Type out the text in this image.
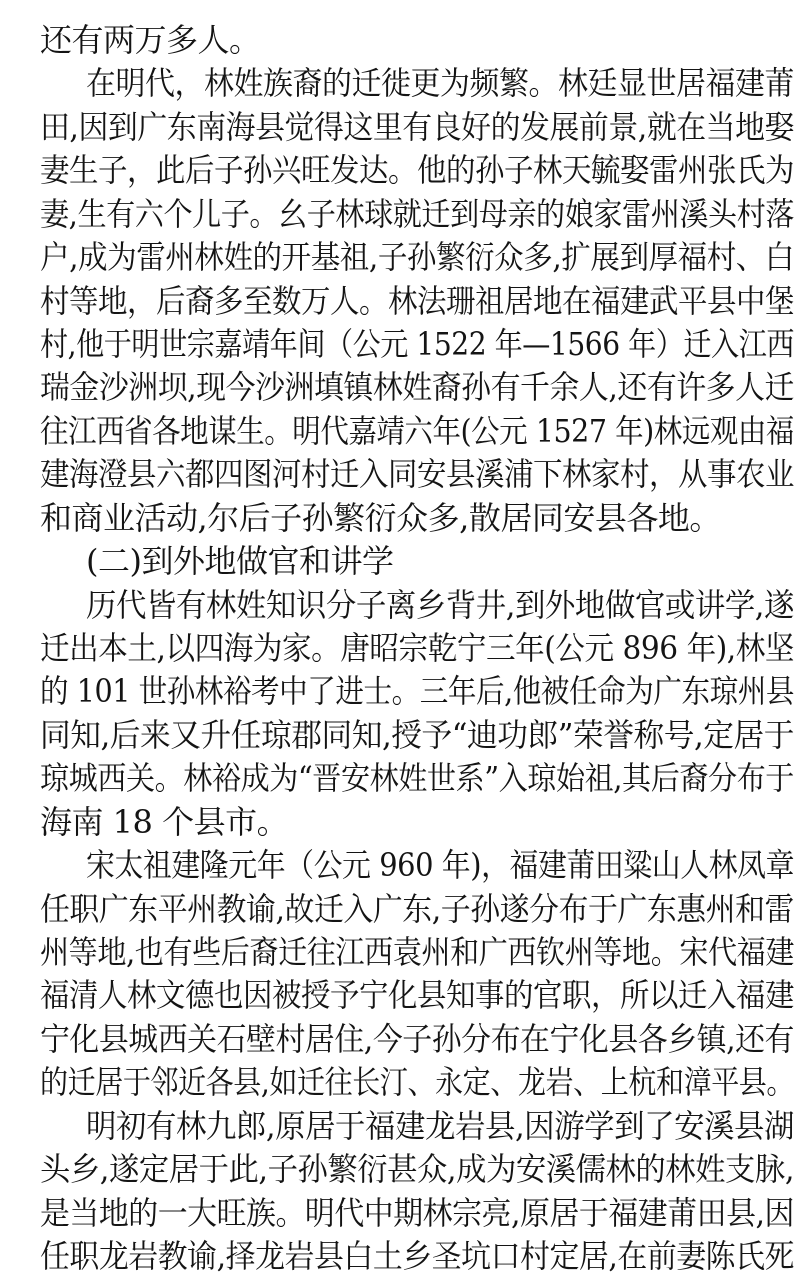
还有两万多人。
在明代，林姓族裔的迁徙更为频繁。林廷显世居福建莆
田,因到广东南海县觉得这里有良好的发展前景,就在当地娶
妻生子，此后子孙兴旺发达。他的孙子林天毓娶雷州张氏为
妻,生有六个儿子。幺子林球就迁到母亲的娘家雷州溪头村落
户,成为雷州林姓的开基祖,子孙繁衍众多,扩展到厚福村、白
村等地，后裔多至数万人。林法珊祖居地在福建武平县中堡
村,他于明世宗嘉靖年间（公元 1522 年—1566 年）迁入江西
瑞金沙洲坝,现今沙洲填镇林姓裔孙有千余人,还有许多人迁
往江西省各地谋生。明代嘉靖六年(公元 1527 年)林远观由福
建海澄县六都四图河村迁入同安县溪浦下林家村，从事农业
和商业活动,尔后子孙繁衍众多,散居同安县各地。
(二)到外地做官和讲学
历代皆有林姓知识分子离乡背井,到外地做官或讲学,遂
迁出本土,以四海为家。唐昭宗乾宁三年(公元 896 年),林坚
的 101 世孙林裕考中了进士。三年后,他被任命为广东琼州县
同知,后来又升任琼郡同知,授予“迪功郎”荣誉称号,定居于
琼城西关。林裕成为“晋安林姓世系”入琼始祖,其后裔分布于
海南 18 个县市。
宋太祖建隆元年（公元 960 年)，福建莆田粱山人林凤章
任职广东平州教谕,故迁入广东,子孙遂分布于广东惠州和雷
州等地,也有些后裔迁往江西袁州和广西钦州等地。宋代福建
福清人林文德也因被授予宁化县知事的官职，所以迁入福建
宁化县城西关石壁村居住,今子孙分布在宁化县各乡镇,还有
的迁居于邻近各县,如迁往长汀、永定、龙岩、上杭和漳平县。
明初有林九郎,原居于福建龙岩县,因游学到了安溪县湖
头乡,遂定居于此,子孙繁衍甚众,成为安溪儒林的林姓支脉,
是当地的一大旺族。明代中期林宗亮,原居于福建莆田县,因
任职龙岩教谕,择龙岩县白土乡圣坑口村定居,在前妻陈氏死
